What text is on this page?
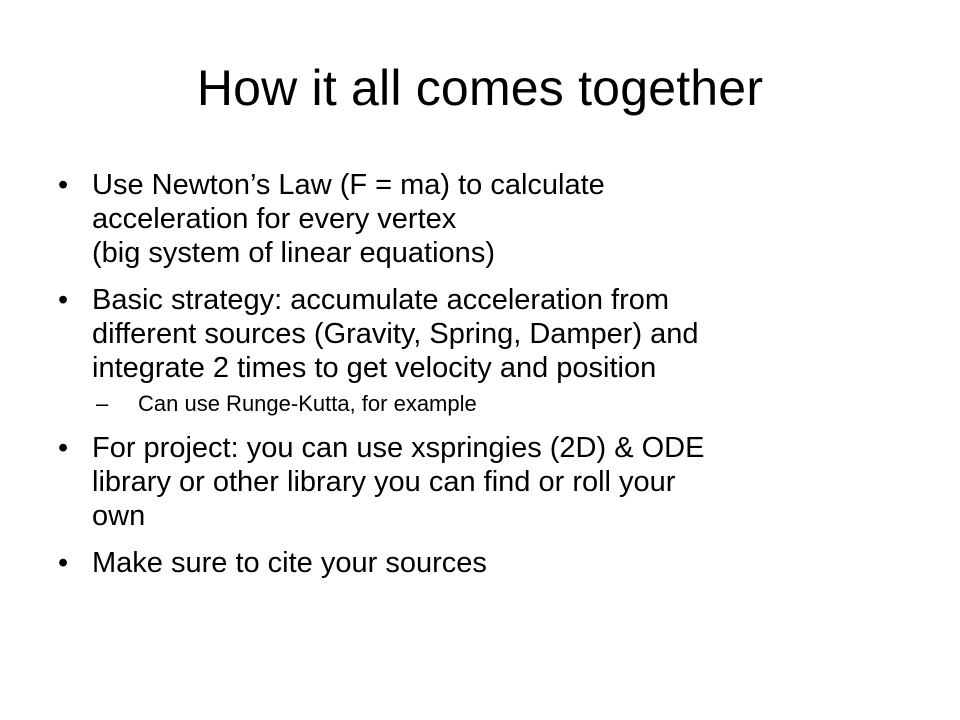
How it all comes together
• Use Newton’s Law (F = ma) to calculate
acceleration for every vertex
(big system of linear equations)
• Basic strategy: accumulate acceleration from
different sources (Gravity, Spring, Damper) and
integrate 2 times to get velocity and position
– Can use Runge-Kutta, for example
• For project: you can use xspringies (2D) & ODE
library or other library you can find or roll your
own
• Make sure to cite your sources
